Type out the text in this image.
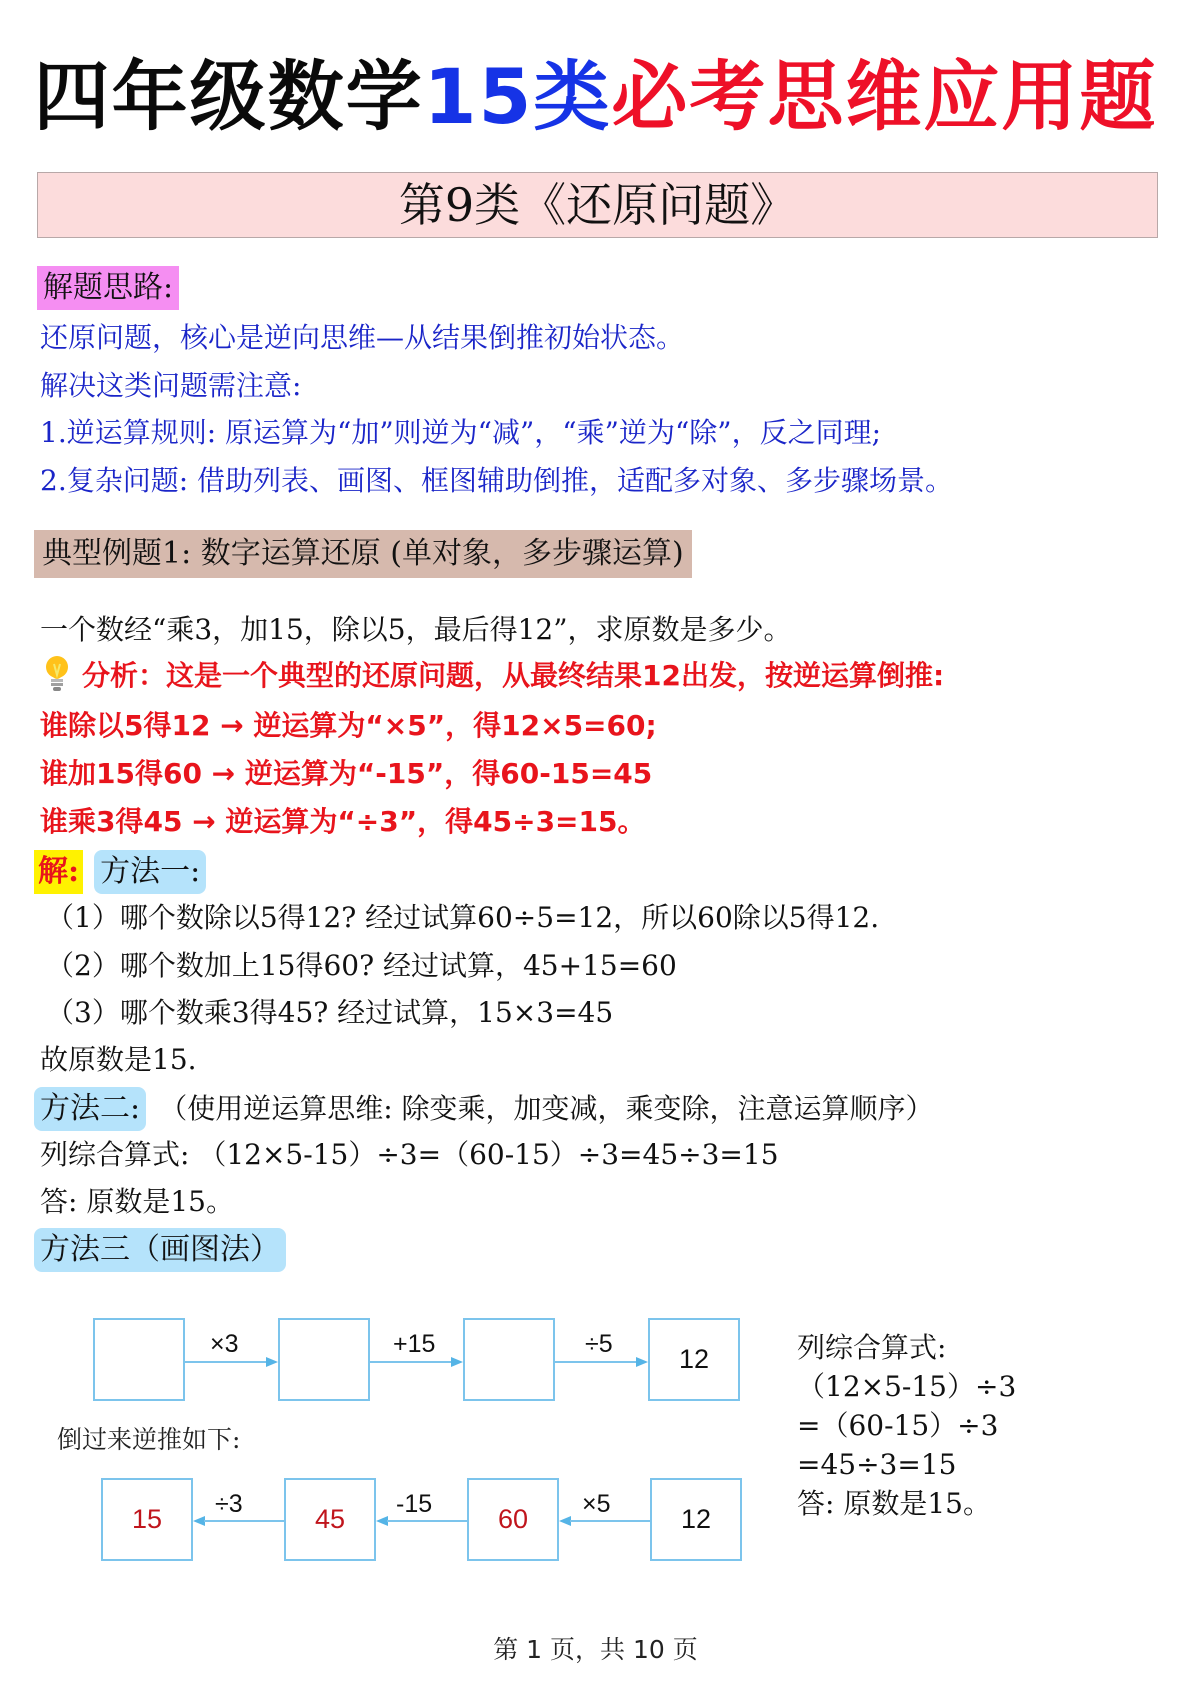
四年级数学15类必考思维应用题
第9类《还原问题》
解题思路:
还原问题，核心是逆向思维—从结果倒推初始状态。
解决这类问题需注意:
1.逆运算规则: 原运算为“加”则逆为“减”，“乘”逆为“除”，反之同理;
2.复杂问题: 借助列表、画图、框图辅助倒推，适配多对象、多步骤场景。
典型例题1: 数字运算还原 (单对象，多步骤运算)
一个数经“乘3，加15，除以5，最后得12”，求原数是多少。
分析：这是一个典型的还原问题，从最终结果12出发，按逆运算倒推:
谁除以5得12 → 逆运算为“×5”，得12×5=60;
谁加15得60 → 逆运算为“-15”，得60-15=45
谁乘3得45 → 逆运算为“÷3”，得45÷3=15。
解: 方法一:
（1）哪个数除以5得12? 经过试算60÷5=12，所以60除以5得12.
（2）哪个数加上15得60? 经过试算，45+15=60
（3）哪个数乘3得45? 经过试算，15×3=45
故原数是15.
方法二: （使用逆运算思维: 除变乘，加变减，乘变除，注意运算顺序）
列综合算式: （12×5-15）÷3=（60-15）÷3=45÷3=15
答: 原数是15。
方法三（画图法）
12
×3	+15	÷5
倒过来逆推如下:
15	45	60	12
÷3	-15	×5
列综合算式:
（12×5-15）÷3
=（60-15）÷3
=45÷3=15
答: 原数是15。
第 1 页，共 10 页
